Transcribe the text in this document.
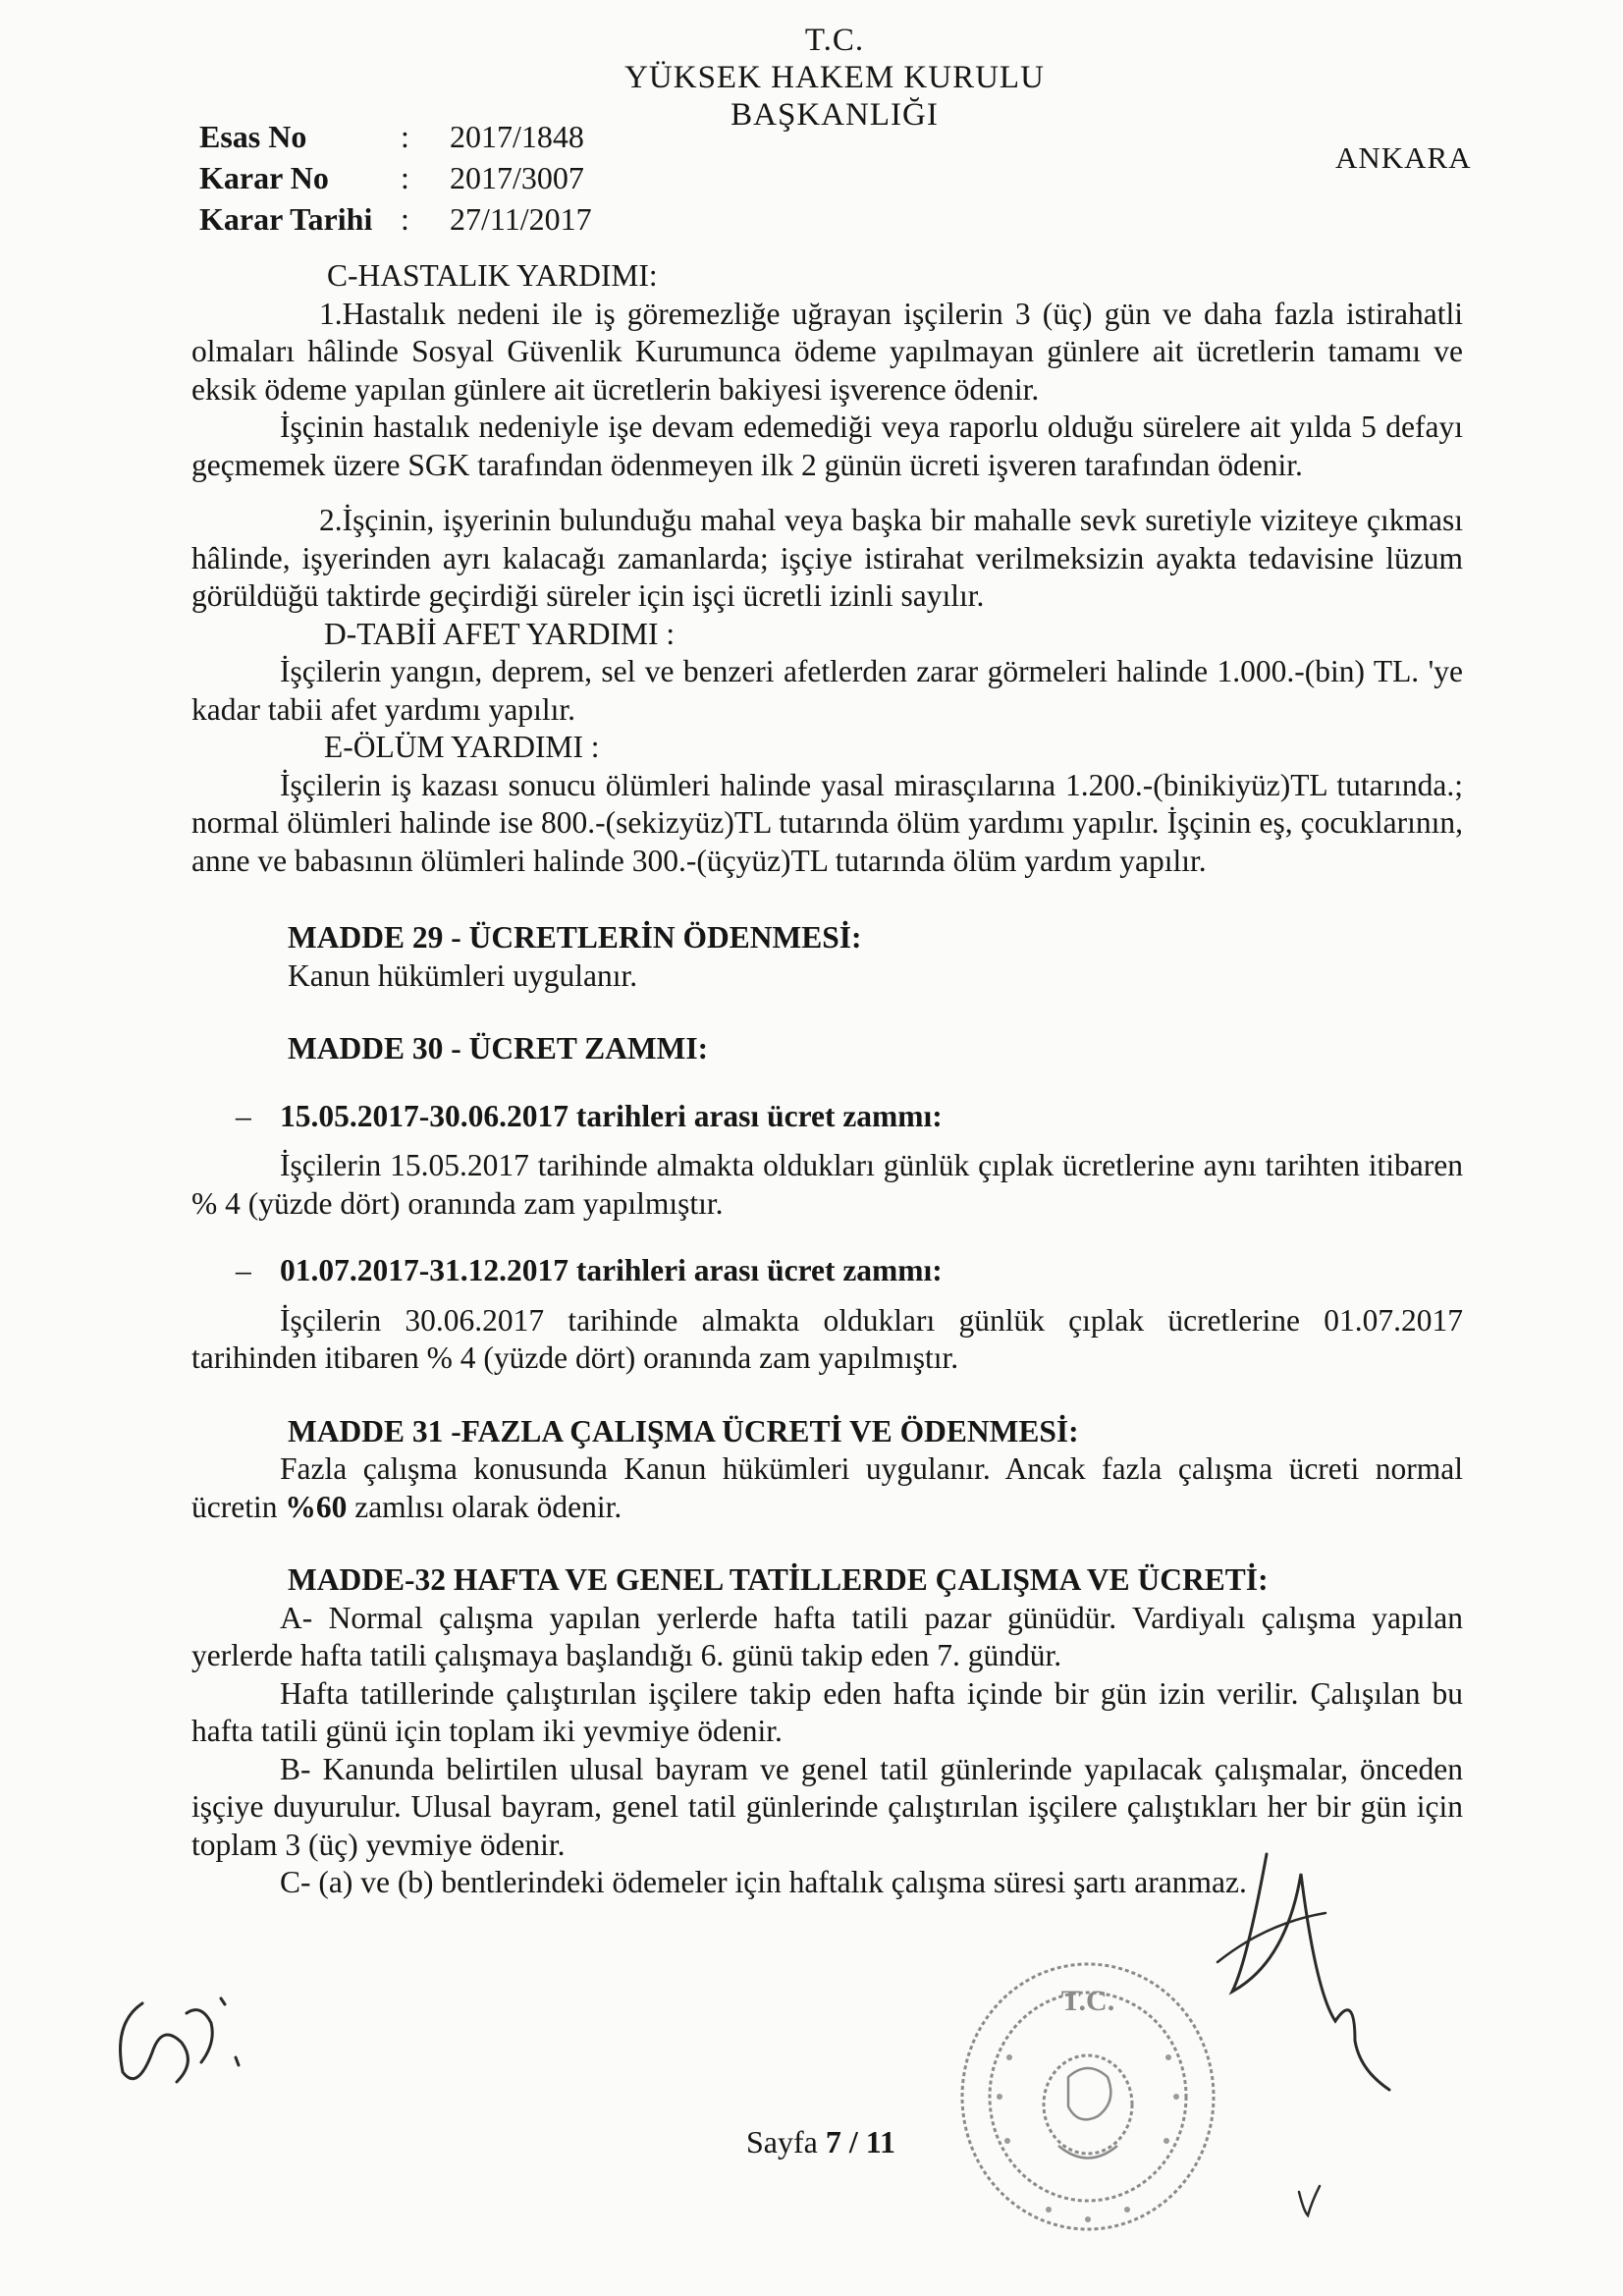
T.C.
YÜKSEK HAKEM KURULU
BAŞKANLIĞI
Esas No	:	2017/1848
Karar No	:	2017/3007
Karar Tarihi :	27/11/2017
ANKARA

C-HASTALIK YARDIMI:

1.Hastalık nedeni ile iş göremezliğe uğrayan işçilerin 3 (üç) gün ve daha fazla istirahatli olmaları hâlinde Sosyal Güvenlik Kurumunca ödeme yapılmayan günlere ait ücretlerin tamamı ve eksik ödeme yapılan günlere ait ücretlerin bakiyesi işverence ödenir.

İşçinin hastalık nedeniyle işe devam edemediği veya raporlu olduğu sürelere ait yılda 5 defayı geçmemek üzere SGK tarafından ödenmeyen ilk 2 günün ücreti işveren tarafından ödenir.

2.İşçinin, işyerinin bulunduğu mahal veya başka bir mahalle sevk suretiyle viziteye çıkması hâlinde, işyerinden ayrı kalacağı zamanlarda; işçiye istirahat verilmeksizin ayakta tedavisine lüzum görüldüğü taktirde geçirdiği süreler için işçi ücretli izinli sayılır.

D-TABİİ AFET YARDIMI :

İşçilerin yangın, deprem, sel ve benzeri afetlerden zarar görmeleri halinde 1.000.-(bin) TL. 'ye kadar tabii afet yardımı yapılır.

E-ÖLÜM YARDIMI :

İşçilerin iş kazası sonucu ölümleri halinde yasal mirasçılarına 1.200.-(binikiyüz)TL tutarında.; normal ölümleri halinde ise 800.-(sekizyüz)TL tutarında ölüm yardımı yapılır. İşçinin eş, çocuklarının, anne ve babasının ölümleri halinde 300.-(üçyüz)TL tutarında ölüm yardım yapılır.

MADDE 29 - ÜCRETLERİN ÖDENMESİ:

Kanun hükümleri uygulanır.

MADDE 30 - ÜCRET ZAMMI:

– 15.05.2017-30.06.2017 tarihleri arası ücret zammı:

İşçilerin 15.05.2017 tarihinde almakta oldukları günlük çıplak ücretlerine aynı tarihten itibaren % 4 (yüzde dört) oranında zam yapılmıştır.

– 01.07.2017-31.12.2017 tarihleri arası ücret zammı:

İşçilerin 30.06.2017 tarihinde almakta oldukları günlük çıplak ücretlerine 01.07.2017 tarihinden itibaren % 4 (yüzde dört) oranında zam yapılmıştır.

MADDE 31 -FAZLA ÇALIŞMA ÜCRETİ VE ÖDENMESİ:

Fazla çalışma konusunda Kanun hükümleri uygulanır. Ancak fazla çalışma ücreti normal ücretin %60 zamlısı olarak ödenir.

MADDE-32 HAFTA VE GENEL TATİLLERDE ÇALIŞMA VE ÜCRETİ:

A- Normal çalışma yapılan yerlerde hafta tatili pazar günüdür. Vardiyalı çalışma yapılan yerlerde hafta tatili çalışmaya başlandığı 6. günü takip eden 7. gündür.

Hafta tatillerinde çalıştırılan işçilere takip eden hafta içinde bir gün izin verilir. Çalışılan bu hafta tatili günü için toplam iki yevmiye ödenir.

B- Kanunda belirtilen ulusal bayram ve genel tatil günlerinde yapılacak çalışmalar, önceden işçiye duyurulur. Ulusal bayram, genel tatil günlerinde çalıştırılan işçilere çalıştıkları her bir gün için toplam 3 (üç) yevmiye ödenir.

C- (a) ve (b) bentlerindeki ödemeler için haftalık çalışma süresi şartı aranmaz.

Sayfa 7 / 11
T.C.
